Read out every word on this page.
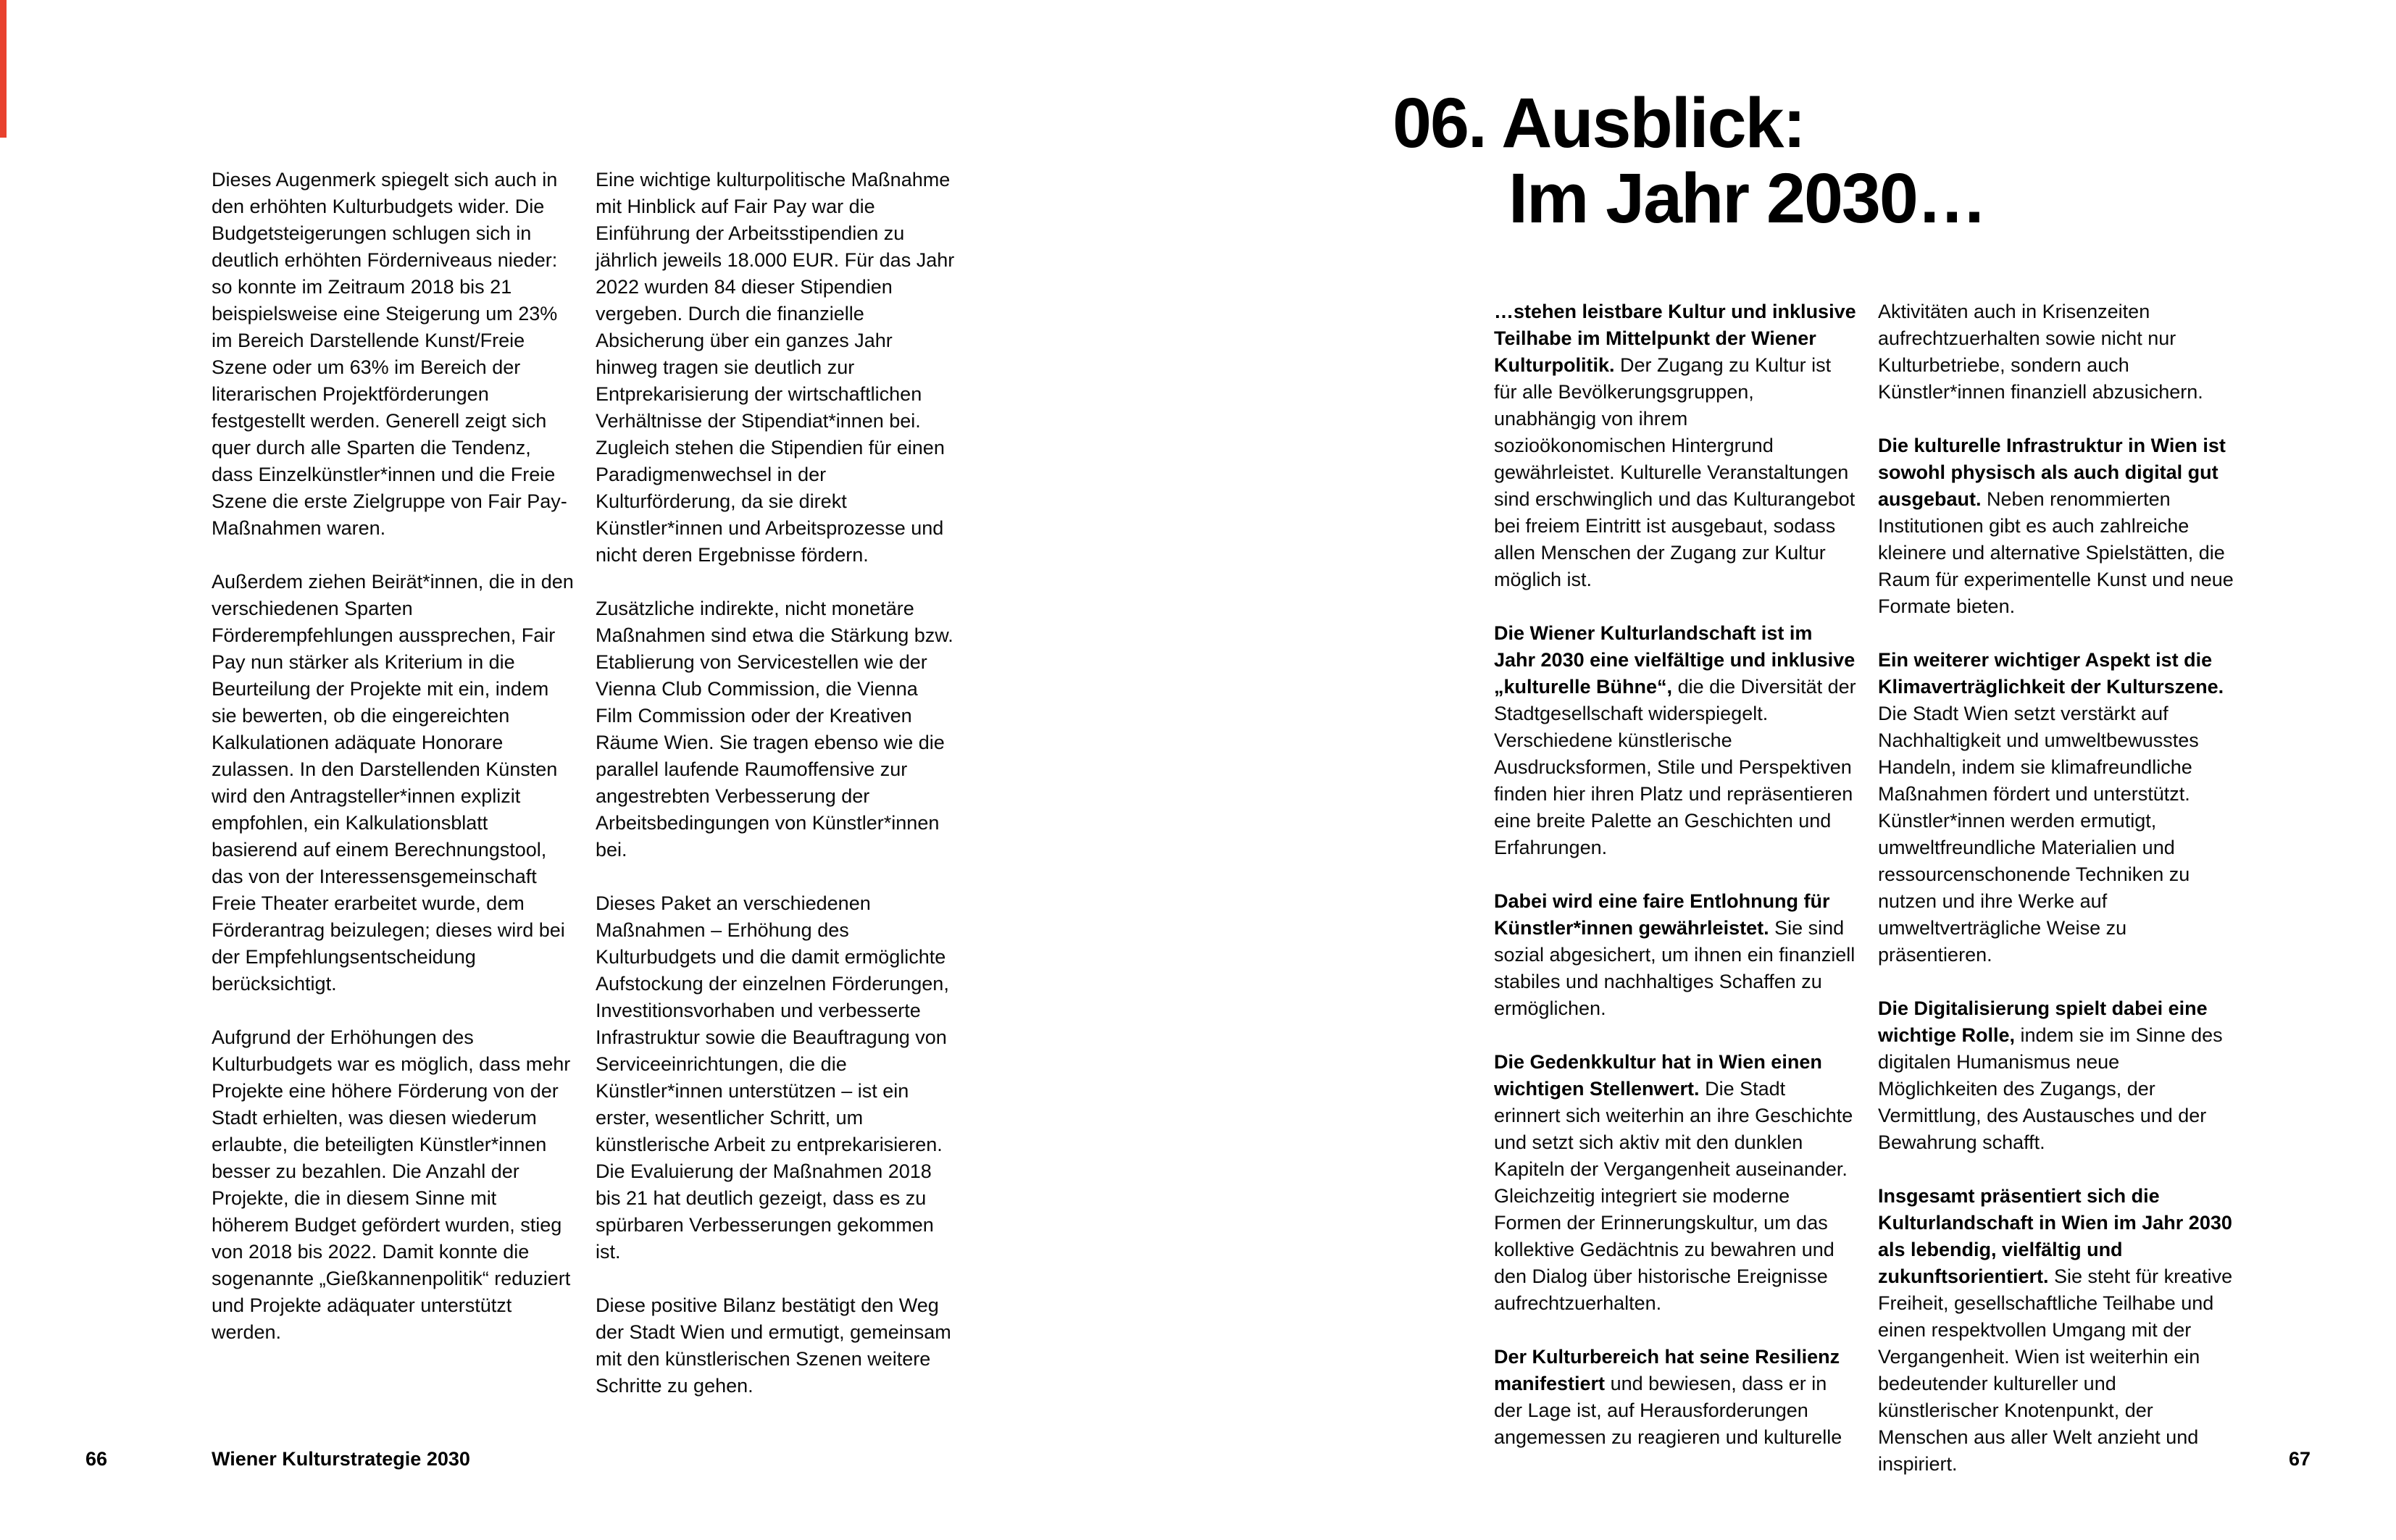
Dieses Augenmerk spiegelt sich auch in den erhöhten Kulturbudgets wider. Die Budgetsteigerungen schlugen sich in deutlich erhöhten Förderniveaus nieder: so konnte im Zeitraum 2018 bis 21 beispielsweise eine Steigerung um 23% im Bereich Darstellende Kunst/Freie Szene oder um 63% im Bereich der literarischen Projektförderungen festgestellt werden. Generell zeigt sich quer durch alle Sparten die Tendenz, dass Einzelkünstler*innen und die Freie Szene die erste Zielgruppe von Fair Pay-Maßnahmen waren.

Außerdem ziehen Beirät*innen, die in den verschiedenen Sparten Förderempfehlungen aussprechen, Fair Pay nun stärker als Kriterium in die Beurteilung der Projekte mit ein, indem sie bewerten, ob die eingereichten Kalkulationen adäquate Honorare zulassen. In den Darstellenden Künsten wird den Antragsteller*innen explizit empfohlen, ein Kalkulationsblatt basierend auf einem Berechnungstool, das von der Interessensgemeinschaft Freie Theater erarbeitet wurde, dem Förderantrag beizulegen; dieses wird bei der Empfehlungsentscheidung berücksichtigt.

Aufgrund der Erhöhungen des Kulturbudgets war es möglich, dass mehr Projekte eine höhere Förderung von der Stadt erhielten, was diesen wiederum erlaubte, die beteiligten Künstler*innen besser zu bezahlen. Die Anzahl der Projekte, die in diesem Sinne mit höherem Budget gefördert wurden, stieg von 2018 bis 2022. Damit konnte die sogenannte „Gießkannenpolitik“ reduziert und Projekte adäquater unterstützt werden.

Eine wichtige kulturpolitische Maßnahme mit Hinblick auf Fair Pay war die Einführung der Arbeitsstipendien zu jährlich jeweils 18.000 EUR. Für das Jahr 2022 wurden 84 dieser Stipendien vergeben. Durch die finanzielle Absicherung über ein ganzes Jahr hinweg tragen sie deutlich zur Entprekarisierung der wirtschaftlichen Verhältnisse der Stipendiat*innen bei. Zugleich stehen die Stipendien für einen Paradigmenwechsel in der Kulturförderung, da sie direkt Künstler*innen und Arbeitsprozesse und nicht deren Ergebnisse fördern.

Zusätzliche indirekte, nicht monetäre Maßnahmen sind etwa die Stärkung bzw. Etablierung von Servicestellen wie der Vienna Club Commission, die Vienna Film Commission oder der Kreativen Räume Wien. Sie tragen ebenso wie die parallel laufende Raumoffensive zur angestrebten Verbesserung der Arbeitsbedingungen von Künstler*innen bei.

Dieses Paket an verschiedenen Maßnahmen – Erhöhung des Kulturbudgets und die damit ermöglichte Aufstockung der einzelnen Förderungen, Investitionsvorhaben und verbesserte Infrastruktur sowie die Beauftragung von Serviceeinrichtungen, die die Künstler*innen unterstützen – ist ein erster, wesentlicher Schritt, um künstlerische Arbeit zu entprekarisieren. Die Evaluierung der Maßnahmen 2018 bis 21 hat deutlich gezeigt, dass es zu spürbaren Verbesserungen gekommen ist.

Diese positive Bilanz bestätigt den Weg der Stadt Wien und ermutigt, gemeinsam mit den künstlerischen Szenen weitere Schritte zu gehen.

06. Ausblick:
Im Jahr 2030…

…stehen leistbare Kultur und inklusive Teilhabe im Mittelpunkt der Wiener Kulturpolitik. Der Zugang zu Kultur ist für alle Bevölkerungsgruppen, unabhängig von ihrem sozioökonomischen Hintergrund gewährleistet. Kulturelle Veranstaltungen sind erschwinglich und das Kulturangebot bei freiem Eintritt ist ausgebaut, sodass allen Menschen der Zugang zur Kultur möglich ist.

Die Wiener Kulturlandschaft ist im Jahr 2030 eine vielfältige und inklusive „kulturelle Bühne“, die die Diversität der Stadtgesellschaft widerspiegelt. Verschiedene künstlerische Ausdrucksformen, Stile und Perspektiven finden hier ihren Platz und repräsentieren eine breite Palette an Geschichten und Erfahrungen.

Dabei wird eine faire Entlohnung für Künstler*innen gewährleistet. Sie sind sozial abgesichert, um ihnen ein finanziell stabiles und nachhaltiges Schaffen zu ermöglichen.

Die Gedenkkultur hat in Wien einen wichtigen Stellenwert. Die Stadt erinnert sich weiterhin an ihre Geschichte und setzt sich aktiv mit den dunklen Kapiteln der Vergangenheit auseinander. Gleichzeitig integriert sie moderne Formen der Erinnerungskultur, um das kollektive Gedächtnis zu bewahren und den Dialog über historische Ereignisse aufrechtzuerhalten.

Der Kulturbereich hat seine Resilienz manifestiert und bewiesen, dass er in der Lage ist, auf Herausforderungen angemessen zu reagieren und kulturelle

Aktivitäten auch in Krisenzeiten aufrechtzuerhalten sowie nicht nur Kulturbetriebe, sondern auch Künstler*innen finanziell abzusichern.

Die kulturelle Infrastruktur in Wien ist sowohl physisch als auch digital gut ausgebaut. Neben renommierten Institutionen gibt es auch zahlreiche kleinere und alternative Spielstätten, die Raum für experimentelle Kunst und neue Formate bieten.

Ein weiterer wichtiger Aspekt ist die Klimaverträglichkeit der Kulturszene. Die Stadt Wien setzt verstärkt auf Nachhaltigkeit und umweltbewusstes Handeln, indem sie klimafreundliche Maßnahmen fördert und unterstützt. Künstler*innen werden ermutigt, umweltfreundliche Materialien und ressourcenschonende Techniken zu nutzen und ihre Werke auf umweltverträgliche Weise zu präsentieren.

Die Digitalisierung spielt dabei eine wichtige Rolle, indem sie im Sinne des digitalen Humanismus neue Möglichkeiten des Zugangs, der Vermittlung, des Austausches und der Bewahrung schafft.

Insgesamt präsentiert sich die Kulturlandschaft in Wien im Jahr 2030 als lebendig, vielfältig und zukunftsorientiert. Sie steht für kreative Freiheit, gesellschaftliche Teilhabe und einen respektvollen Umgang mit der Vergangenheit. Wien ist weiterhin ein bedeutender kultureller und künstlerischer Knotenpunkt, der Menschen aus aller Welt anzieht und inspiriert.

66	Wiener Kulturstrategie 2030	67
